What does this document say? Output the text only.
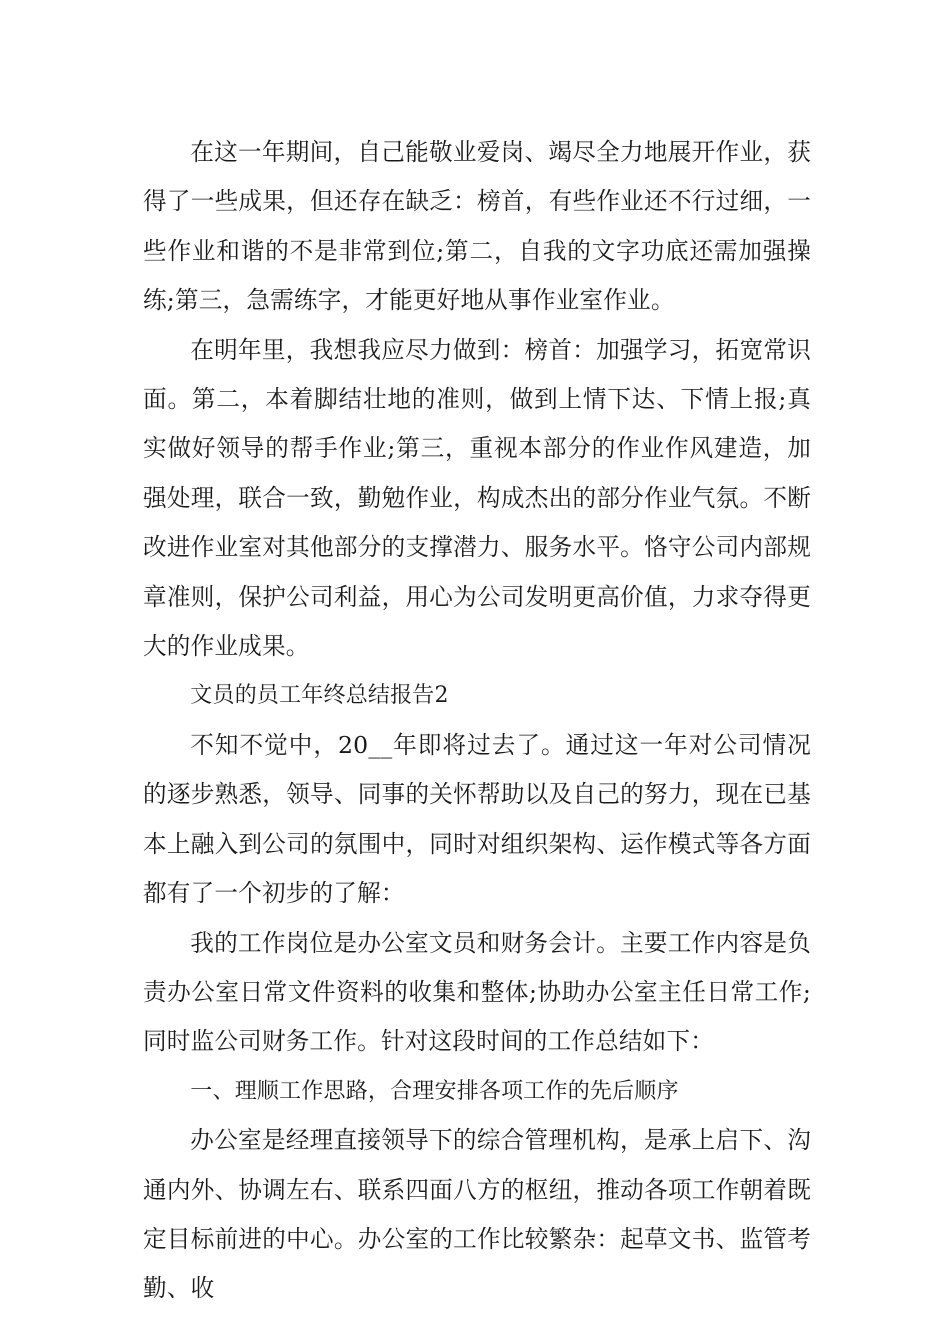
在这一年期间，自己能敬业爱岗、竭尽全力地展开作业，获得了一些成果，但还存在缺乏：榜首，有些作业还不行过细，一些作业和谐的不是非常到位;第二，自我的文字功底还需加强操练;第三，急需练字，才能更好地从事作业室作业。

在明年里，我想我应尽力做到：榜首：加强学习，拓宽常识面。第二，本着脚结壮地的准则，做到上情下达、下情上报;真实做好领导的帮手作业;第三，重视本部分的作业作风建造，加强处理，联合一致，勤勉作业，构成杰出的部分作业气氛。不断改进作业室对其他部分的支撑潜力、服务水平。恪守公司内部规章准则，保护公司利益，用心为公司发明更高价值，力求夺得更大的作业成果。

文员的员工年终总结报告2

不知不觉中，20__年即将过去了。通过这一年对公司情况的逐步熟悉，领导、同事的关怀帮助以及自己的努力，现在已基本上融入到公司的氛围中，同时对组织架构、运作模式等各方面都有了一个初步的了解：

我的工作岗位是办公室文员和财务会计。主要工作内容是负责办公室日常文件资料的收集和整体;协助办公室主任日常工作;同时监公司财务工作。针对这段时间的工作总结如下：

一、理顺工作思路，合理安排各项工作的先后顺序

办公室是经理直接领导下的综合管理机构，是承上启下、沟通内外、协调左右、联系四面八方的枢纽，推动各项工作朝着既定目标前进的中心。办公室的工作比较繁杂：起草文书、监管考勤、收
